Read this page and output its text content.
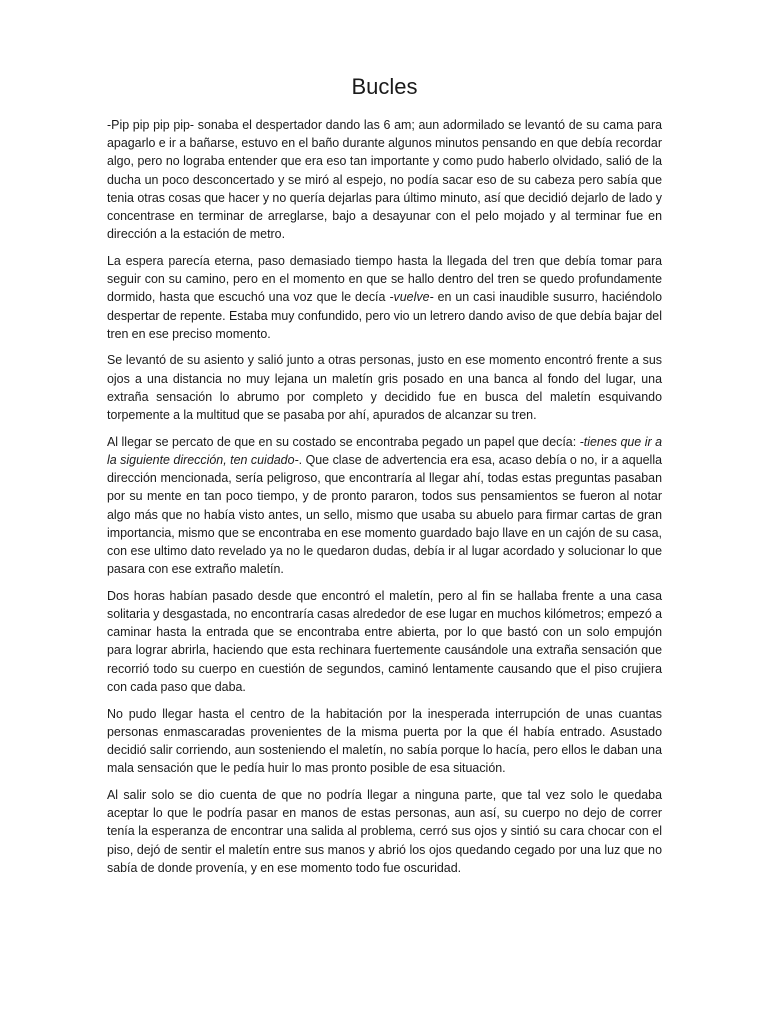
Bucles

-Pip pip pip pip- sonaba el despertador dando las 6 am; aun adormilado se levantó de su cama para apagarlo e ir a bañarse, estuvo en el baño durante algunos minutos pensando en que debía recordar algo, pero no lograba entender que era eso tan importante y como pudo haberlo olvidado, salió de la ducha un poco desconcertado y se miró al espejo, no podía sacar eso de su cabeza pero sabía que tenia otras cosas que hacer y no quería dejarlas para último minuto, así que decidió dejarlo de lado y concentrase en terminar de arreglarse, bajo a desayunar con el pelo mojado y al terminar fue en dirección a la estación de metro.

La espera parecía eterna, paso demasiado tiempo hasta la llegada del tren que debía tomar para seguir con su camino, pero en el momento en que se hallo dentro del tren se quedo profundamente dormido, hasta que escuchó una voz que le decía -vuelve- en un casi inaudible susurro, haciéndolo despertar de repente. Estaba muy confundido, pero vio un letrero dando aviso de que debía bajar del tren en ese preciso momento.

Se levantó de su asiento y salió junto a otras personas, justo en ese momento encontró frente a sus ojos a una distancia no muy lejana un maletín gris posado en una banca al fondo del lugar, una extraña sensación lo abrumo por completo y decidido fue en busca del maletín esquivando torpemente a la multitud que se pasaba por ahí, apurados de alcanzar su tren.

Al llegar se percato de que en su costado se encontraba pegado un papel que decía: -tienes que ir a la siguiente dirección, ten cuidado-. Que clase de advertencia era esa, acaso debía o no, ir a aquella dirección mencionada, sería peligroso, que encontraría al llegar ahí, todas estas preguntas pasaban por su mente en tan poco tiempo, y de pronto pararon, todos sus pensamientos se fueron al notar algo más que no había visto antes, un sello, mismo que usaba su abuelo para firmar cartas de gran importancia, mismo que se encontraba en ese momento guardado bajo llave en un cajón de su casa, con ese ultimo dato revelado ya no le quedaron dudas, debía ir al lugar acordado y solucionar lo que pasara con ese extraño maletín.

Dos horas habían pasado desde que encontró el maletín, pero al fin se hallaba frente a una casa solitaria y desgastada, no encontraría casas alrededor de ese lugar en muchos kilómetros; empezó a caminar hasta la entrada que se encontraba entre abierta, por lo que bastó con un solo empujón para lograr abrirla, haciendo que esta rechinara fuertemente causándole una extraña sensación que recorrió todo su cuerpo en cuestión de segundos, caminó lentamente causando que el piso crujiera con cada paso que daba.

No pudo llegar hasta el centro de la habitación por la inesperada interrupción de unas cuantas personas enmascaradas provenientes de la misma puerta por la que él había entrado. Asustado decidió salir corriendo, aun sosteniendo el maletín, no sabía porque lo hacía, pero ellos le daban una mala sensación que le pedía huir lo mas pronto posible de esa situación.

Al salir solo se dio cuenta de que no podría llegar a ninguna parte, que tal vez solo le quedaba aceptar lo que le podría pasar en manos de estas personas, aun así, su cuerpo no dejo de correr tenía la esperanza de encontrar una salida al problema, cerró sus ojos y sintió su cara chocar con el piso, dejó de sentir el maletín entre sus manos y abrió los ojos quedando cegado por una luz que no sabía de donde provenía, y en ese momento todo fue oscuridad.
